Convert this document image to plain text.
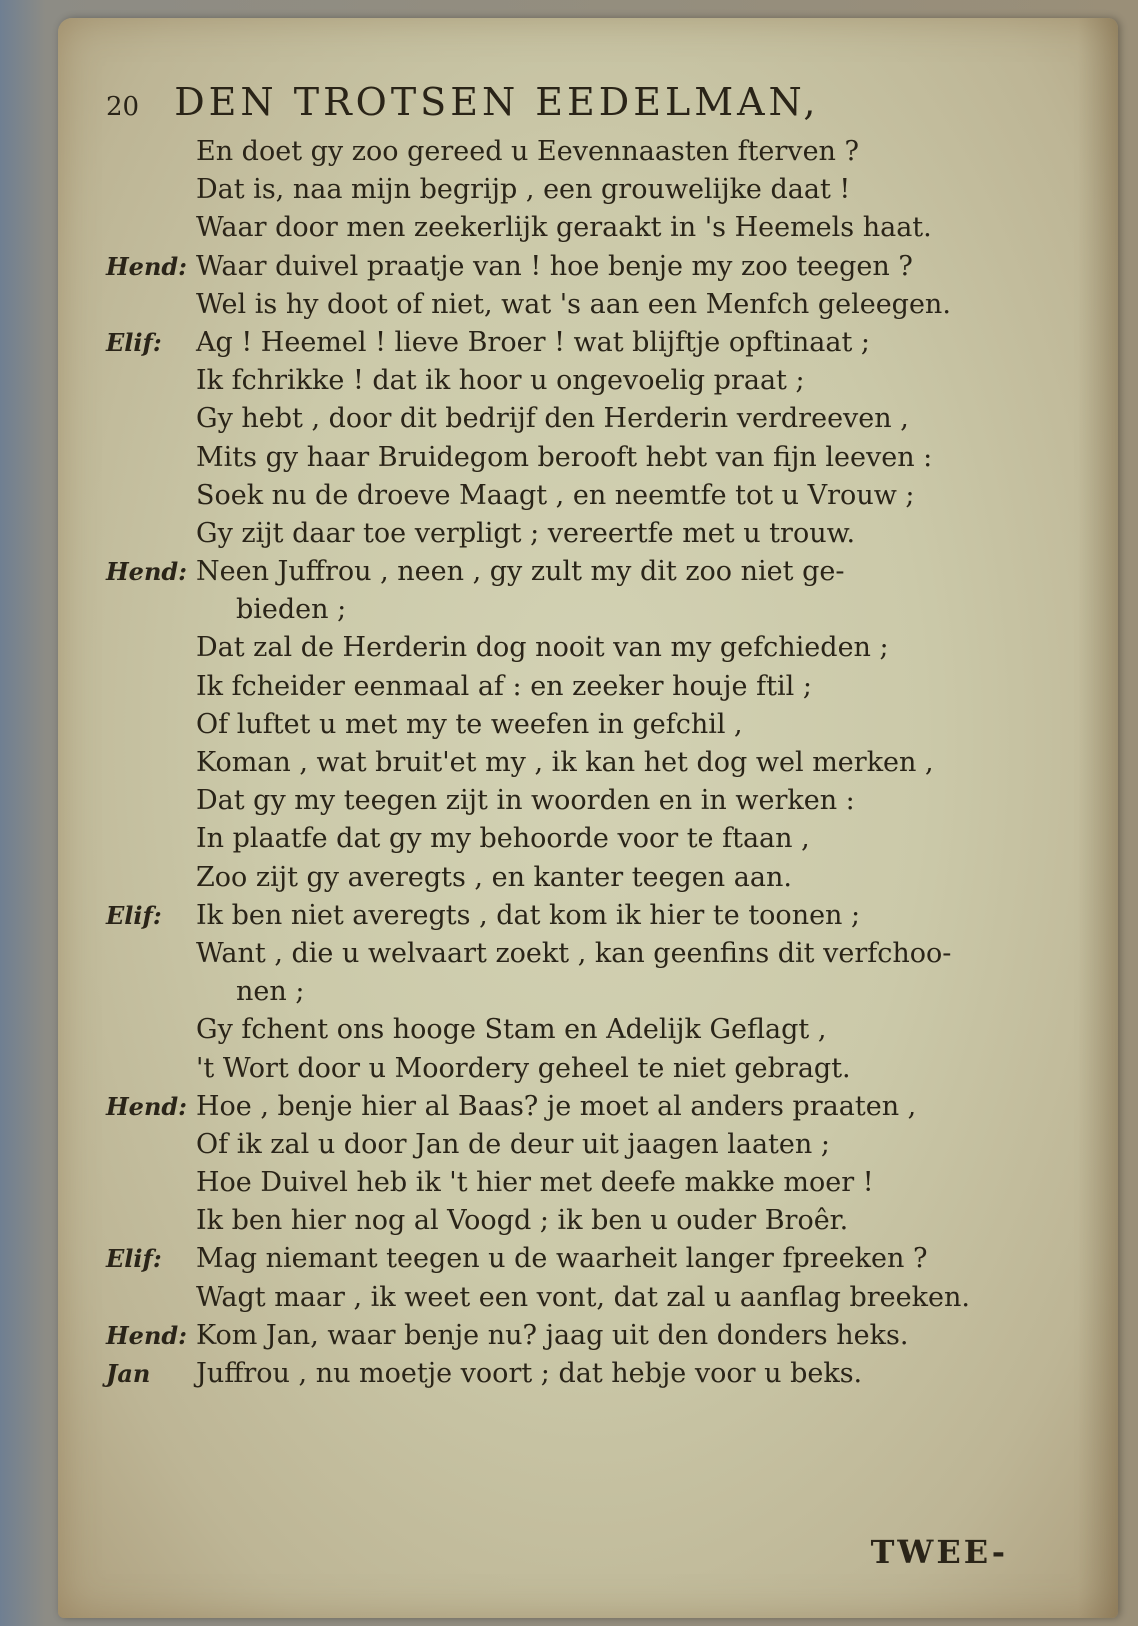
20 DEN TROTSEN EEDELMAN,
En doet gy zoo gereed u Eevennaasten fterven ?
Dat is, naa mijn begrijp , een grouwelijke daat !
Waar door men zeekerlijk geraakt in 's Heemels haat.
Hend: Waar duivel praatje van ! hoe benje my zoo teegen ?
Wel is hy doot of niet, wat 's aan een Menfch geleegen.
Elif: Ag ! Heemel ! lieve Broer ! wat blijftje opftinaat ;
Ik fchrikke ! dat ik hoor u ongevoelig praat ;
Gy hebt , door dit bedrijf den Herderin verdreeven ,
Mits gy haar Bruidegom berooft hebt van fijn leeven :
Soek nu de droeve Maagt , en neemtfe tot u Vrouw ;
Gy zijt daar toe verpligt ; vereertfe met u trouw.
Hend: Neen Juffrou , neen , gy zult my dit zoo niet ge-
bieden ;
Dat zal de Herderin dog nooit van my gefchieden ;
Ik fcheider eenmaal af : en zeeker houje ftil ;
Of luftet u met my te weefen in gefchil ,
Koman , wat bruit'et my , ik kan het dog wel merken ,
Dat gy my teegen zijt in woorden en in werken :
In plaatfe dat gy my behoorde voor te ftaan ,
Zoo zijt gy averegts , en kanter teegen aan.
Elif: Ik ben niet averegts , dat kom ik hier te toonen ;
Want , die u welvaart zoekt , kan geenfins dit verfchoo-
nen ;
Gy fchent ons hooge Stam en Adelijk Geflagt ,
't Wort door u Moordery geheel te niet gebragt.
Hend: Hoe , benje hier al Baas? je moet al anders praaten ,
Of ik zal u door Jan de deur uit jaagen laaten ;
Hoe Duivel heb ik 't hier met deefe makke moer !
Ik ben hier nog al Voogd ; ik ben u ouder Broêr.
Elif: Mag niemant teegen u de waarheit langer fpreeken ?
Wagt maar , ik weet een vont, dat zal u aanflag breeken.
Hend: Kom Jan, waar benje nu? jaag uit den donders heks.
Jan Juffrou , nu moetje voort ; dat hebje voor u beks.
TWEE-
